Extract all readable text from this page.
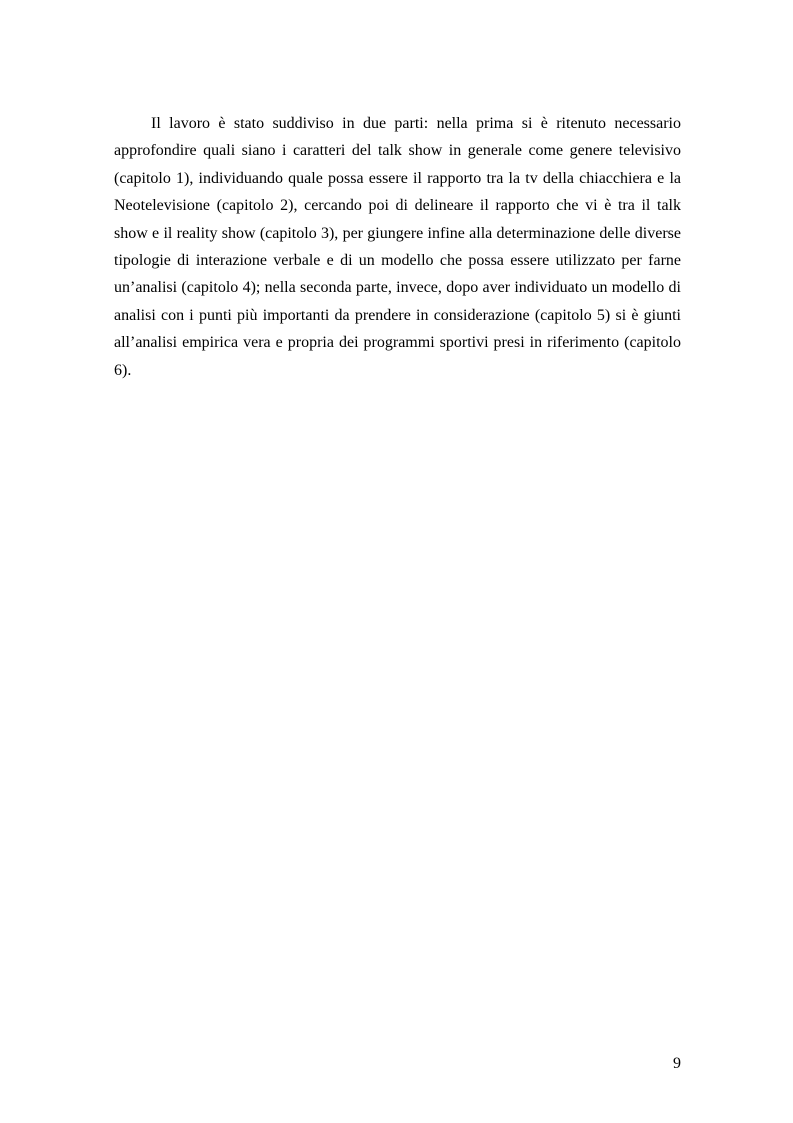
Il lavoro è stato suddiviso in due parti: nella prima si è ritenuto necessario
approfondire quali siano i caratteri del talk show in generale come genere televisivo
(capitolo 1), individuando quale possa essere il rapporto tra la tv della chiacchiera e la
Neotelevisione (capitolo 2), cercando poi di delineare il rapporto che vi è tra il talk
show e il reality show (capitolo 3), per giungere infine alla determinazione delle diverse
tipologie di interazione verbale e di un modello che possa essere utilizzato per farne
un’analisi (capitolo 4); nella seconda parte, invece, dopo aver individuato un modello di
analisi con i punti più importanti da prendere in considerazione (capitolo 5) si è giunti
all’analisi empirica vera e propria dei programmi sportivi presi in riferimento (capitolo
6).
9
